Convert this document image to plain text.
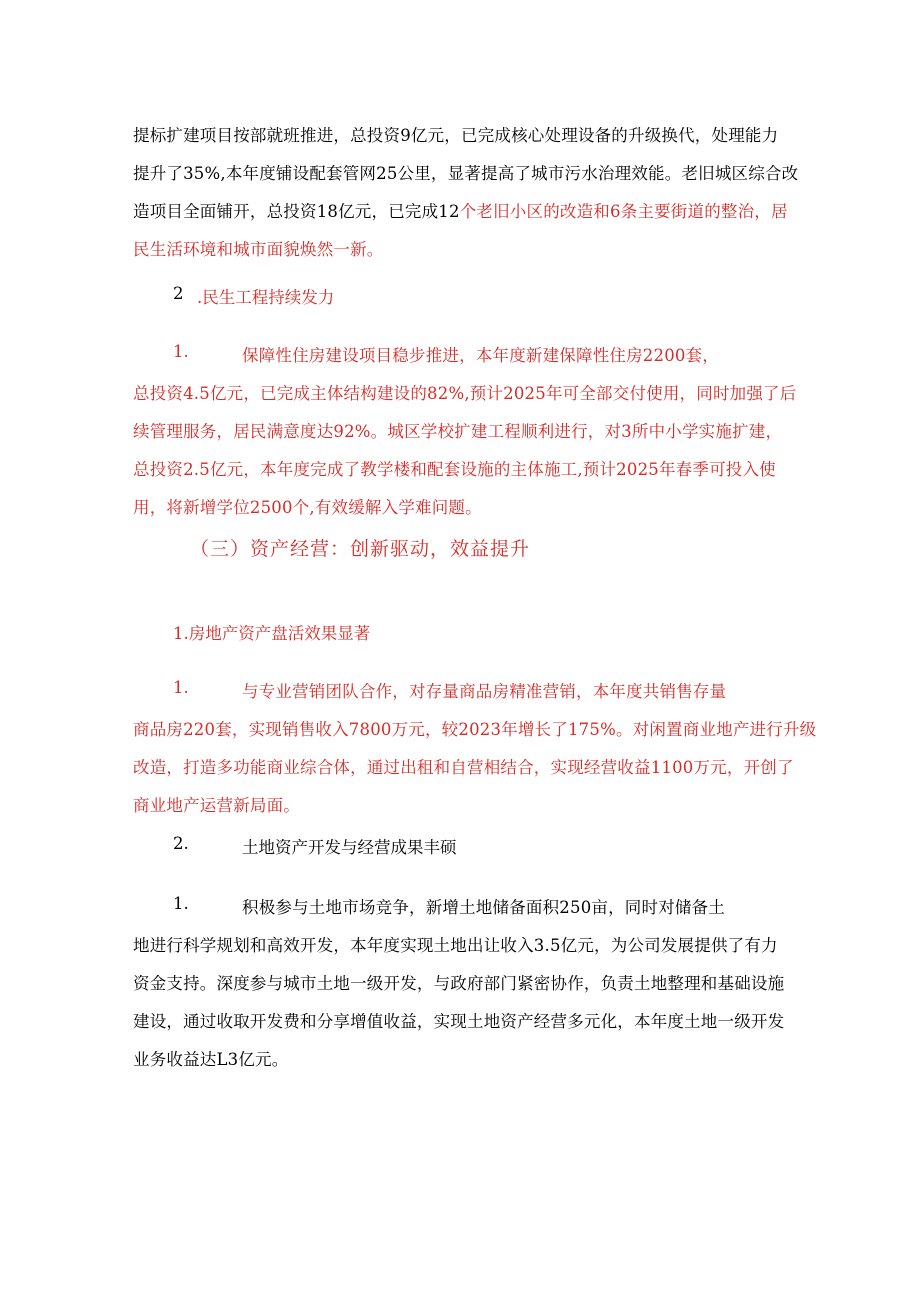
提标扩建项目按部就班推进，总投资9亿元，已完成核心处理设备的升级换代，处理能力
提升了35%,本年度铺设配套管网25公里，显著提高了城市污水治理效能。老旧城区综合改
造项目全面铺开，总投资18亿元，已完成12个老旧小区的改造和6条主要街道的整治，居
民生活环境和城市面貌焕然一新。
2 .民生工程持续发力
1.	保障性住房建设项目稳步推进，本年度新建保障性住房2200套，
总投资4.5亿元，已完成主体结构建设的82%,预计2025年可全部交付使用，同时加强了后
续管理服务，居民满意度达92%。城区学校扩建工程顺利进行，对3所中小学实施扩建，
总投资2.5亿元，本年度完成了教学楼和配套设施的主体施工,预计2025年春季可投入使
用，将新增学位2500个,有效缓解入学难问题。
（三）资产经营：创新驱动，效益提升
1.房地产资产盘活效果显著
1.	与专业营销团队合作，对存量商品房精准营销，本年度共销售存量
商品房220套，实现销售收入7800万元，较2023年增长了175%。对闲置商业地产进行升级
改造，打造多功能商业综合体，通过出租和自营相结合，实现经营收益1100万元，开创了
商业地产运营新局面。
2.	土地资产开发与经营成果丰硕
1.	积极参与土地市场竞争，新增土地储备面积250亩，同时对储备土
地进行科学规划和高效开发，本年度实现土地出让收入3.5亿元，为公司发展提供了有力
资金支持。深度参与城市土地一级开发，与政府部门紧密协作，负责土地整理和基础设施
建设，通过收取开发费和分享增值收益，实现土地资产经营多元化，本年度土地一级开发
业务收益达L3亿元。
